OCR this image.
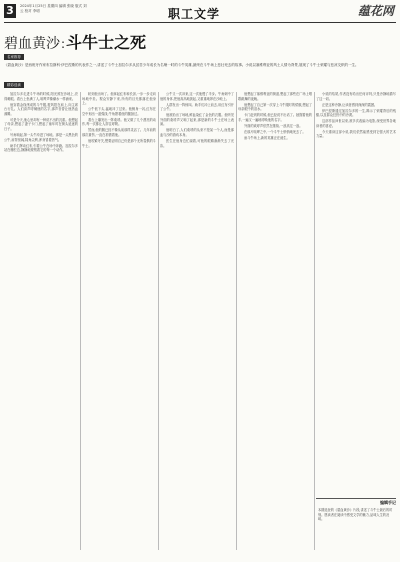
3	2024年1月25日 星期四 编辑 张晓 版式 刘云 校对 李明	职工文学	蕴花网
碧血黄沙 : 斗牛士之死
名家推荐
《碧血黄沙》是西班牙作家布拉斯科·伊巴涅斯的代表作之一,讲述了斗牛士加拉尔多从贫苦少年成长为名噪一时的斗牛英雄,最终在斗牛场上悲壮死去的故事。小说以塞维利亚的风土人情为背景,展现了斗牛士荣耀与悲凉交织的一生。
精彩选读

加拉尔多走进斗牛场的时候,阳光照在沙地上,亮得刺眼。看台上坐满了人,喧哗声像潮水一样涌来。

他穿着金线绣成的斗牛服,披风搭在肩上,向主席台行礼。人们高声呼喊他的名字,那声音曾让他热血沸腾。

可是今天,他心里却有一种说不出的沉重。他想起了母亲,想起了妻子卡门,想起了童年时在街头追逐的日子。

号角响起,第一头牛冲进了场地。那是一头黑色的公牛,肩背宽阔,犄角尖利,浑身冒着热气。

助手们挥动红布,引着公牛在场中奔跑。加拉尔多站在栅栏边,静静地观察着它的每一个动作。

轮到他出场了。他拿起红布和长剑,一步一步走向场地中央。观众安静下来,所有的目光都落在他身上。

公牛低下头,猛地冲了过来。他侧身一闪,红布在空中划出一道弧线,牛角擦着他的腰掠过。

看台上爆发出一阵欢呼。他又做了几个漂亮的动作,每一次都让人屏住呼吸。

然而,他的腿已经不像从前那样灵活了。几年前的那次重伤,一直在折磨着他。

他咬紧牙关,想要证明自己仍是那个无所畏惧的斗牛士。

公牛又一次冲来,这一次他慢了半步。牛角刺中了他的身体,把他高高地挑起,又重重地摔在沙地上。

人群发出一阵惊叫。助手们冲上前去,用红布引开了公牛。

他被抬出了场地,鲜血染红了金色的衣服。他听见外面的欢呼声又响了起来,那是新的斗牛士在场上表演。

他明白了,人们欢呼的从来不是某一个人,而是那血与沙的游戏本身。

医生在他身边忙碌着,可他的眼睛渐渐失去了光彩。

他想起了塞维利亚的街道,想起了那些在广场上唱歌跳舞的夜晚。

他想起了自己第一次穿上斗牛服时的骄傲,想起了母亲眼中的泪水。

卡门赶到的时候,他已经说不出话了。她握着他的手,一遍又一遍地呼唤他的名字。

外面的欢呼声依然在继续,一浪高过一浪。

在那片喧哗之中,一个斗牛士悄悄地死去了。

而斗牛场上,新的英雄正在诞生。

小说的结尾,作者没有给出任何评判,只是冷静地描写了这一切。

正是这种冷静,让读者感到深深的震撼。

伊巴涅斯通过加拉尔多的一生,揭示了荣耀背后的残酷,以及群众狂热中的冷漠。

这部作品问世以来,被多次改编为电影,深受世界各地读者的喜爱。

今天重读这部小说,我们依然能感受到它强大的艺术力量。

编辑手记
本期选登的《碧血黄沙》片段,讲述了斗牛士最后的时刻。愿读者在阅读中感受文学的魅力,品味人生的况味。
